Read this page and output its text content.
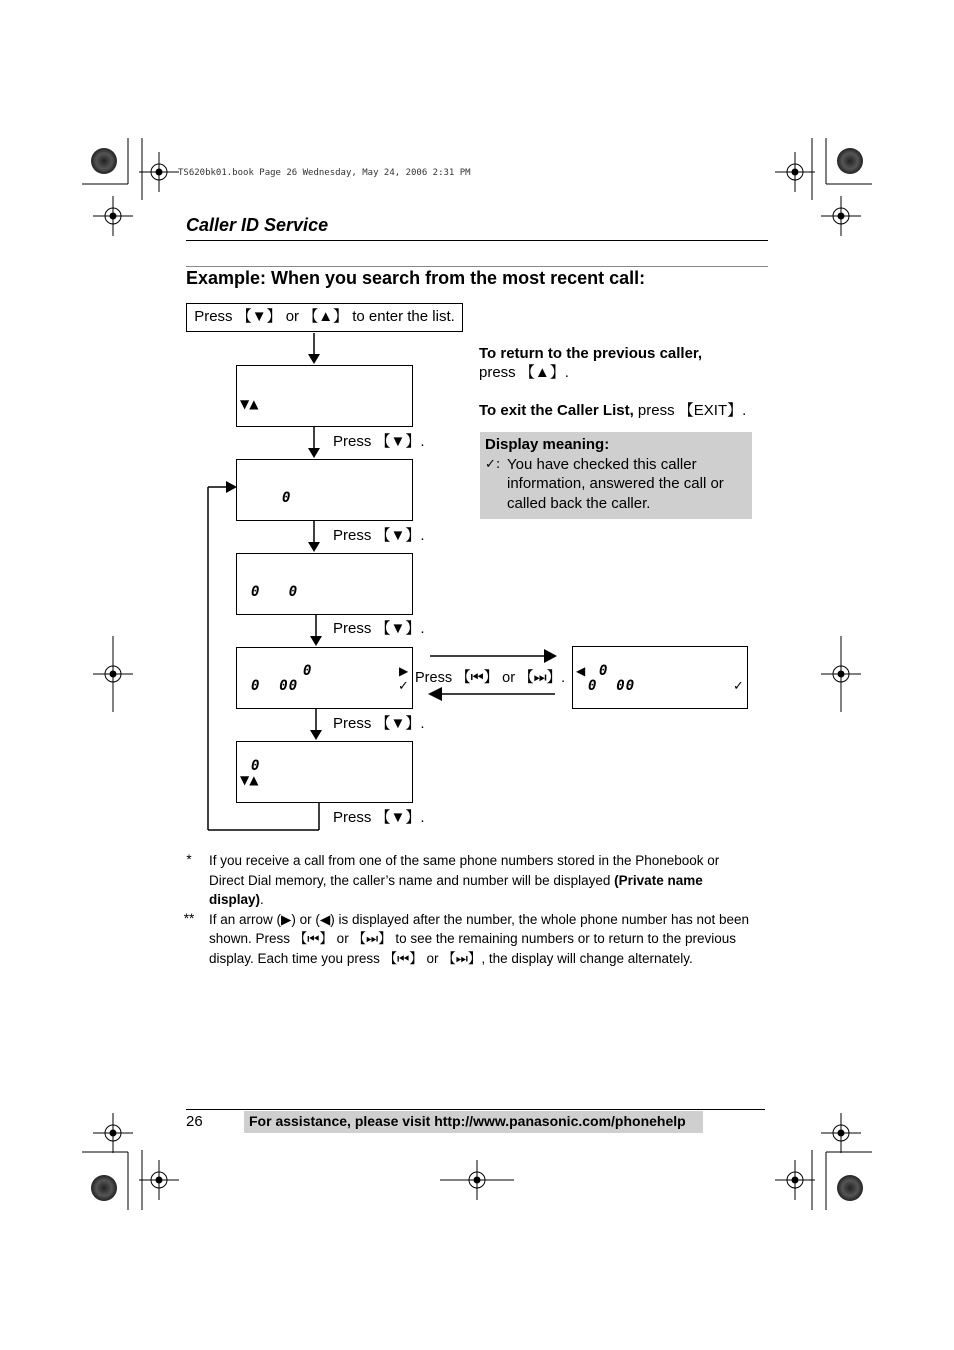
TS620bk01.book Page 26 Wednesday, May 24, 2006 2:31 PM
Caller ID Service
Example: When you search from the most recent call:
Press 【▼】 or 【▲】 to enter the list.
▼▲
0
0   0
0
0  00
▶
✓
0
▼▲
◀ 0
0  00	✓
Press 【▼】.
Press 【▼】.
Press 【▼】.
Press 【▼】.
Press 【▼】.
Press 【⏮】 or 【⏭】.
To return to the previous caller,
press 【▲】.
To exit the Caller List, press 【EXIT】.
Display meaning:
✓: You have checked this caller information, answered the call or called back the caller.
*	If you receive a call from one of the same phone numbers stored in the Phonebook or Direct Dial memory, the caller’s name and number will be displayed (Private name display).
**	If an arrow (▶) or (◀) is displayed after the number, the whole phone number has not been shown. Press 【⏮】 or 【⏭】 to see the remaining numbers or to return to the previous display. Each time you press 【⏮】 or 【⏭】, the display will change alternately.
26	For assistance, please visit http://www.panasonic.com/phonehelp
